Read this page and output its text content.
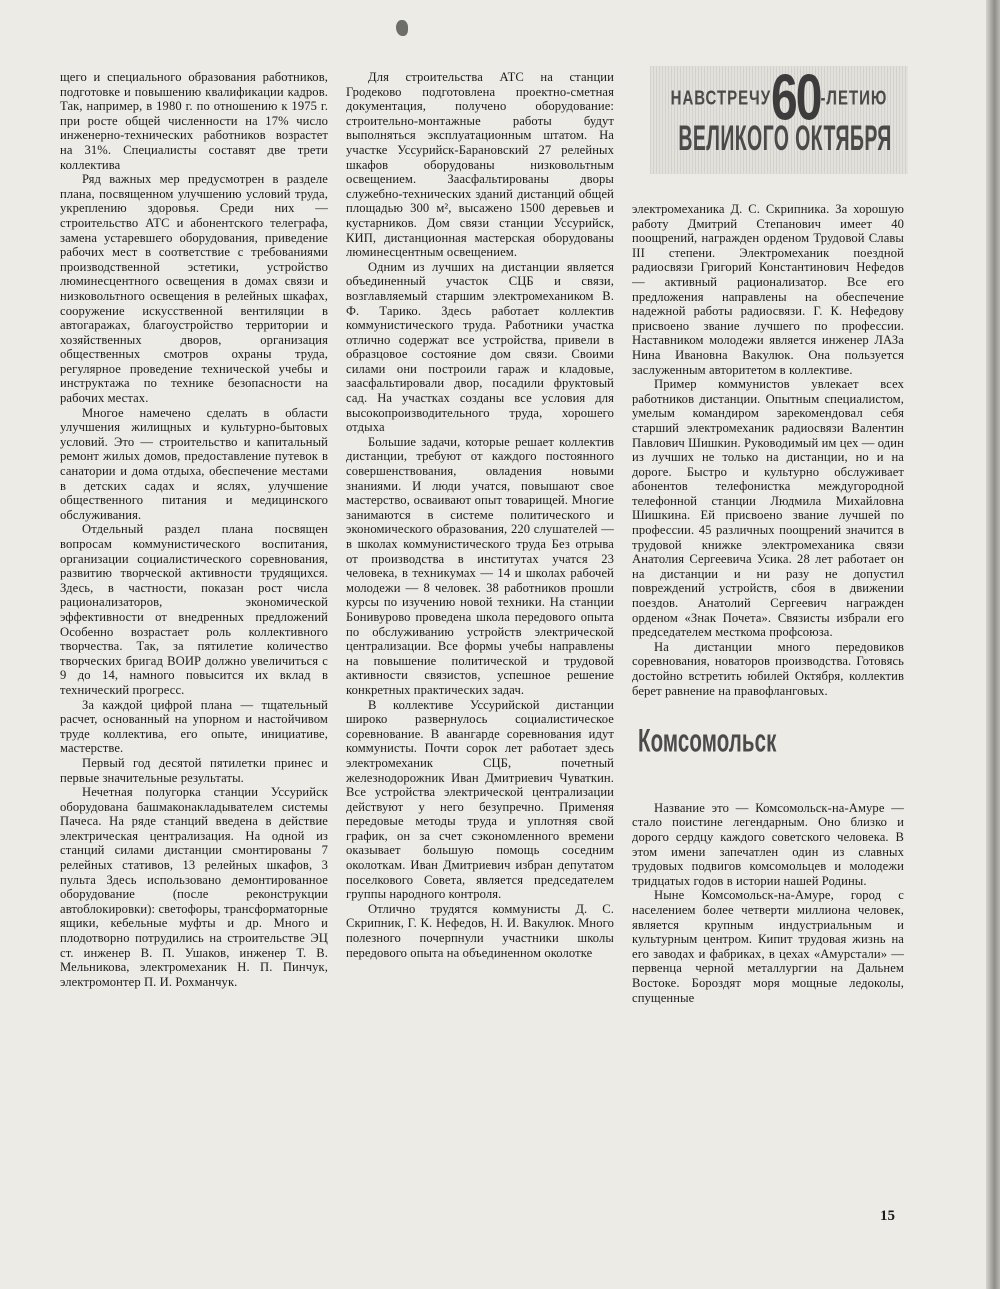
щего и специального образования работников, подготовке и повышению квалификации кадров. Так, например, в 1980 г. по отношению к 1975 г. при росте общей численности на 17% число инженерно-технических работников возрастет на 31%. Специалисты составят две трети коллектива

Ряд важных мер предусмотрен в разделе плана, посвященном улучшению условий труда, укреплению здоровья. Среди них — строительство АТС и абонентского телеграфа, замена устаревшего оборудования, приведение рабочих мест в соответствие с требованиями производственной эстетики, устройство люминесцентного освещения в домах связи и низковольтного освещения в релейных шкафах, сооружение искусственной вентиляции в автогаражах, благоустройство территории и хозяйственных дворов, организация общественных смотров охраны труда, регулярное проведение технической учебы и инструктажа по технике безопасности на рабочих местах.

Многое намечено сделать в области улучшения жилищных и культурно-бытовых условий. Это — строительство и капитальный ремонт жилых домов, предоставление путевок в санатории и дома отдыха, обеспечение местами в детских садах и яслях, улучшение общественного питания и медицинского обслуживания.

Отдельный раздел плана посвящен вопросам коммунистического воспитания, организации социалистического соревнования, развитию творческой активности трудящихся. Здесь, в частности, показан рост числа рационализаторов, экономической эффективности от внедренных предложений Особенно возрастает роль коллективного творчества. Так, за пятилетие количество творческих бригад ВОИР должно увеличиться с 9 до 14, намного повысится их вклад в технический прогресс.

За каждой цифрой плана — тщательный расчет, основанный на упорном и настойчивом труде коллектива, его опыте, инициативе, мастерстве.

Первый год десятой пятилетки принес и первые значительные результаты.

Нечетная полугорка станции Уссурийск оборудована башмаконакладывателем системы Пачеса. На ряде станций введена в действие электрическая централизация. На одной из станций силами дистанции смонтированы 7 релейных стативов, 13 релейных шкафов, 3 пульта Здесь использовано демонтированное оборудование (после реконструкции автоблокировки): светофоры, трансформаторные ящики, кебельные муфты и др. Много и плодотворно потрудились на строительстве ЭЦ ст. инженер В. П. Ушаков, инженер Т. В. Мельникова, электромеханик Н. П. Пинчук, электромонтер П. И. Рохманчук.

Для строительства АТС на станции Гродеково подготовлена проектно-сметная документация, получено оборудование: строительно-монтажные работы будут выполняться эксплуатационным штатом. На участке Уссурийск-Барановский 27 релейных шкафов оборудованы низковольтным освещением. Заасфальтированы дворы служебно-технических зданий дистанций общей площадью 300 м², высажено 1500 деревьев и кустарников. Дом связи станции Уссурийск, КИП, дистанционная мастерская оборудованы люминесцентным освещением.

Одним из лучших на дистанции является объединенный участок СЦБ и связи, возглавляемый старшим электромехаником В. Ф. Тарико. Здесь работает коллектив коммунистического труда. Работники участка отлично содержат все устройства, привели в образцовое состояние дом связи. Своими силами они построили гараж и кладовые, заасфальтировали двор, посадили фруктовый сад. На участках созданы все условия для высокопроизводительного труда, хорошего отдыха

Большие задачи, которые решает коллектив дистанции, требуют от каждого постоянного совершенствования, овладения новыми знаниями. И люди учатся, повышают свое мастерство, осваивают опыт товарищей. Многие занимаются в системе политического и экономического образования, 220 слушателей — в школах коммунистического труда Без отрыва от производства в институтах учатся 23 человека, в техникумах — 14 и школах рабочей молодежи — 8 человек. 38 работников прошли курсы по изучению новой техники. На станции Бонивурово проведена школа передового опыта по обслуживанию устройств электрической централизации. Все формы учебы направлены на повышение политической и трудовой активности связистов, успешное решение конкретных практических задач.

В коллективе Уссурийской дистанции широко развернулось социалистическое соревнование. В авангарде соревнования идут коммунисты. Почти сорок лет работает здесь электромеханик СЦБ, почетный железнодорожник Иван Дмитриевич Чуваткин. Все устройства электрической централизации действуют у него безупречно. Применяя передовые методы труда и уплотняя свой график, он за счет сэкономленного времени оказывает большую помощь соседним околоткам. Иван Дмитриевич избран депутатом поселкового Совета, является председателем группы народного контроля.

Отлично трудятся коммунисты Д. С. Скрипник, Г. К. Нефедов, Н. И. Вакулюк. Много полезного почерпнули участники школы передового опыта на объединенном околотке

НАВСТРЕЧУ60-ЛЕТИЮ
ВЕЛИКОГО ОКТЯБРЯ

электромеханика Д. С. Скрипника. За хорошую работу Дмитрий Степанович имеет 40 поощрений, награжден орденом Трудовой Славы III степени. Электромеханик поездной радиосвязи Григорий Константинович Нефедов — активный рационализатор. Все его предложения направлены на обеспечение надежной работы радиосвязи. Г. К. Нефедову присвоено звание лучшего по профессии. Наставником молодежи является инженер ЛАЗа Нина Ивановна Вакулюк. Она пользуется заслуженным авторитетом в коллективе.

Пример коммунистов увлекает всех работников дистанции. Опытным специалистом, умелым командиром зарекомендовал себя старший электромеханик радиосвязи Валентин Павлович Шишкин. Руководимый им цех — один из лучших не только на дистанции, но и на дороге. Быстро и культурно обслуживает абонентов телефонистка междугородной телефонной станции Людмила Михайловна Шишкина. Ей присвоено звание лучшей по профессии. 45 различных поощрений значится в трудовой книжке электромеханика связи Анатолия Сергеевича Усика. 28 лет работает он на дистанции и ни разу не допустил повреждений устройств, сбоя в движении поездов. Анатолий Сергеевич награжден орденом «Знак Почета». Связисты избрали его председателем месткома профсоюза.

На дистанции много передовиков соревнования, новаторов производства. Готовясь достойно встретить юбилей Октября, коллектив берет равнение на правофланговых.

Комсомольск

Название это — Комсомольск-на-Амуре — стало поистине легендарным. Оно близко и дорого сердцу каждого советского человека. В этом имени запечатлен один из славных трудовых подвигов комсомольцев и молодежи тридцатых годов в истории нашей Родины.

Ныне Комсомольск-на-Амуре, город с населением более четверти миллиона человек, является крупным индустриальным и культурным центром. Кипит трудовая жизнь на его заводах и фабриках, в цехах «Амурстали» — первенца черной металлургии на Дальнем Востоке. Бороздят моря мощные ледоколы, спущенные

15
